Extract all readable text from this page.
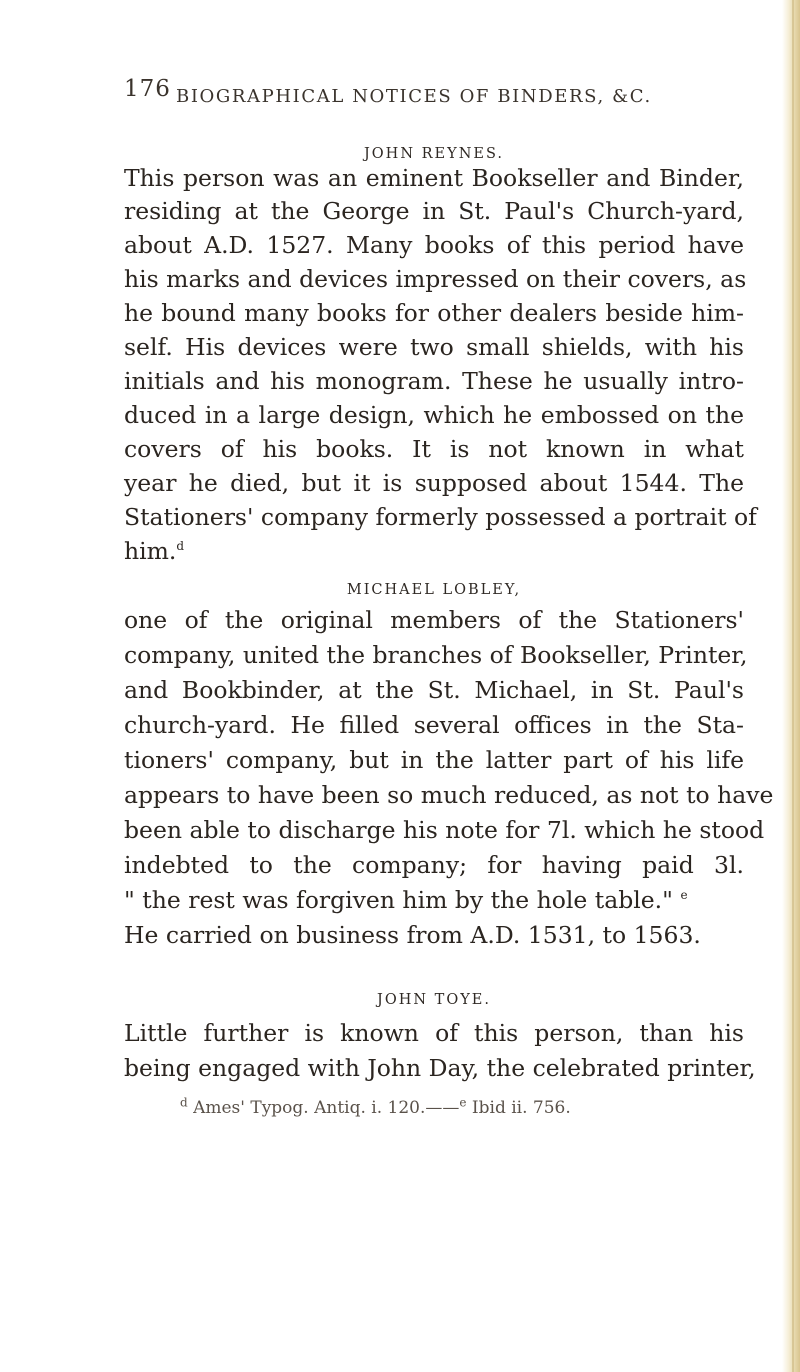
176 BIOGRAPHICAL NOTICES OF BINDERS, &C.
JOHN REYNES.
This person was an eminent Bookseller and Binder,
residing at the George in St. Paul's Church-yard,
about A.D. 1527. Many books of this period have
his marks and devices impressed on their covers, as
he bound many books for other dealers beside him-
self. His devices were two small shields, with his
initials and his monogram. These he usually intro-
duced in a large design, which he embossed on the
covers of his books. It is not known in what
year he died, but it is supposed about 1544. The
Stationers' company formerly possessed a portrait of
him.$^d$
MICHAEL LOBLEY,
one of the original members of the Stationers'
company, united the branches of Bookseller, Printer,
and Bookbinder, at the St. Michael, in St. Paul's
church-yard. He filled several offices in the Sta-
tioners' company, but in the latter part of his life
appears to have been so much reduced, as not to have
been able to discharge his note for 7l. which he stood
indebted to the company; for having paid 3l.
" the rest was forgiven him by the hole table." $^e$
He carried on business from A.D. 1531, to 1563.
JOHN TOYE.
Little further is known of this person, than his
being engaged with John Day, the celebrated printer,
$^d$ Ames' Typog. Antiq. i. 120.——$^e$ Ibid ii. 756.
